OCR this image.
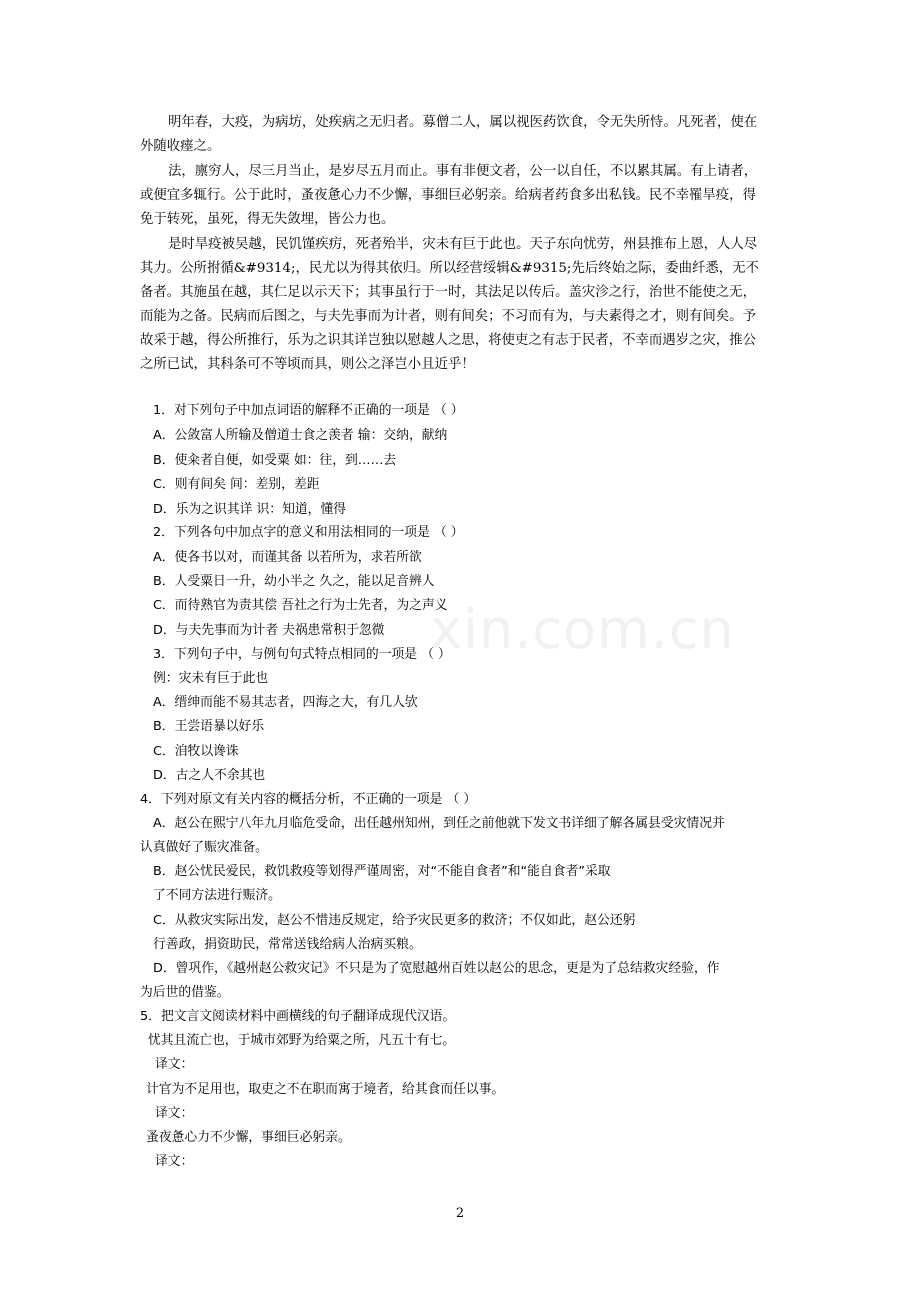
明年春，大疫，为病坊，处疾病之无归者。募僧二人，属以视医药饮食，令无失所恃。凡死者，使在
外随收瘗之。
法，廪穷人，尽三月当止，是岁尽五月而止。事有非便文者，公一以自任，不以累其属。有上请者，
或便宜多辄行。公于此时，蚤夜惫心力不少懈，事细巨必躬亲。给病者药食多出私钱。民不幸罹旱疫，得
免于转死，虽死，得无失敛埋，皆公力也。
是时旱疫被吴越，民饥馑疾疠，死者殆半，灾未有巨于此也。天子东向忧劳，州县推布上恩，人人尽
其力。公所拊循&#9314;，民尤以为得其依归。所以经营绥辑&#9315;先后终始之际，委曲纤悉，无不
备者。其施虽在越，其仁足以示天下；其事虽行于一时，其法足以传后。盖灾沴之行，治世不能使之无，
而能为之备。民病而后图之，与夫先事而为计者，则有间矣；不习而有为，与夫素得之才，则有间矣。予
故采于越，得公所推行，乐为之识其详岂独以慰越人之思，将使吏之有志于民者，不幸而遇岁之灾，推公
之所已试，其科条可不等顷而具，则公之泽岂小且近乎！
1．对下列句子中加点词语的解释不正确的一项是 （ ）
A．公敛富人所输及僧道士食之羡者 输：交纳，献纳
B．使籴者自便，如受粟 如：往，到……去
C．则有间矣 间：差别，差距
D．乐为之识其详 识：知道，懂得
2．下列各句中加点字的意义和用法相同的一项是 （ ）
A．使各书以对，而谨其备 以若所为，求若所欲
B．人受粟日一升，幼小半之 久之，能以足音辨人
C．而待熟官为责其偿 吾社之行为士先者，为之声义
D．与夫先事而为计者 夫祸患常积于忽微
3．下列句子中，与例句句式特点相同的一项是 （ ）
例：灾未有巨于此也
A．缙绅而能不易其志者，四海之大，有几人欤
B．王尝语暴以好乐
C．洎牧以谗诛
D．古之人不余其也
4．下列对原文有关内容的概括分析，不正确的一项是 （ ）
A．赵公在熙宁八年九月临危受命，出任越州知州，到任之前他就下发文书详细了解各属县受灾情况并
认真做好了赈灾准备。
B．赵公忧民爱民，救饥救疫等划得严谨周密，对“不能自食者”和“能自食者”采取
了不同方法进行赈济。
C．从救灾实际出发，赵公不惜违反规定，给予灾民更多的救济；不仅如此，赵公还躬
行善政，捐资助民，常常送钱给病人治病买粮。
D．曾巩作，《越州赵公救灾记》不只是为了宽慰越州百姓以赵公的思念，更是为了总结救灾经验，作
为后世的借鉴。
5．把文言文阅读材料中画横线的句子翻译成现代汉语。
忧其且流亡也，于城市郊野为给粟之所，凡五十有七。
译文：
计官为不足用也，取吏之不在职而寓于境者，给其食而任以事。
译文：
蚤夜惫心力不少懈，事细巨必躬亲。
译文：
xin.com.cn
2
